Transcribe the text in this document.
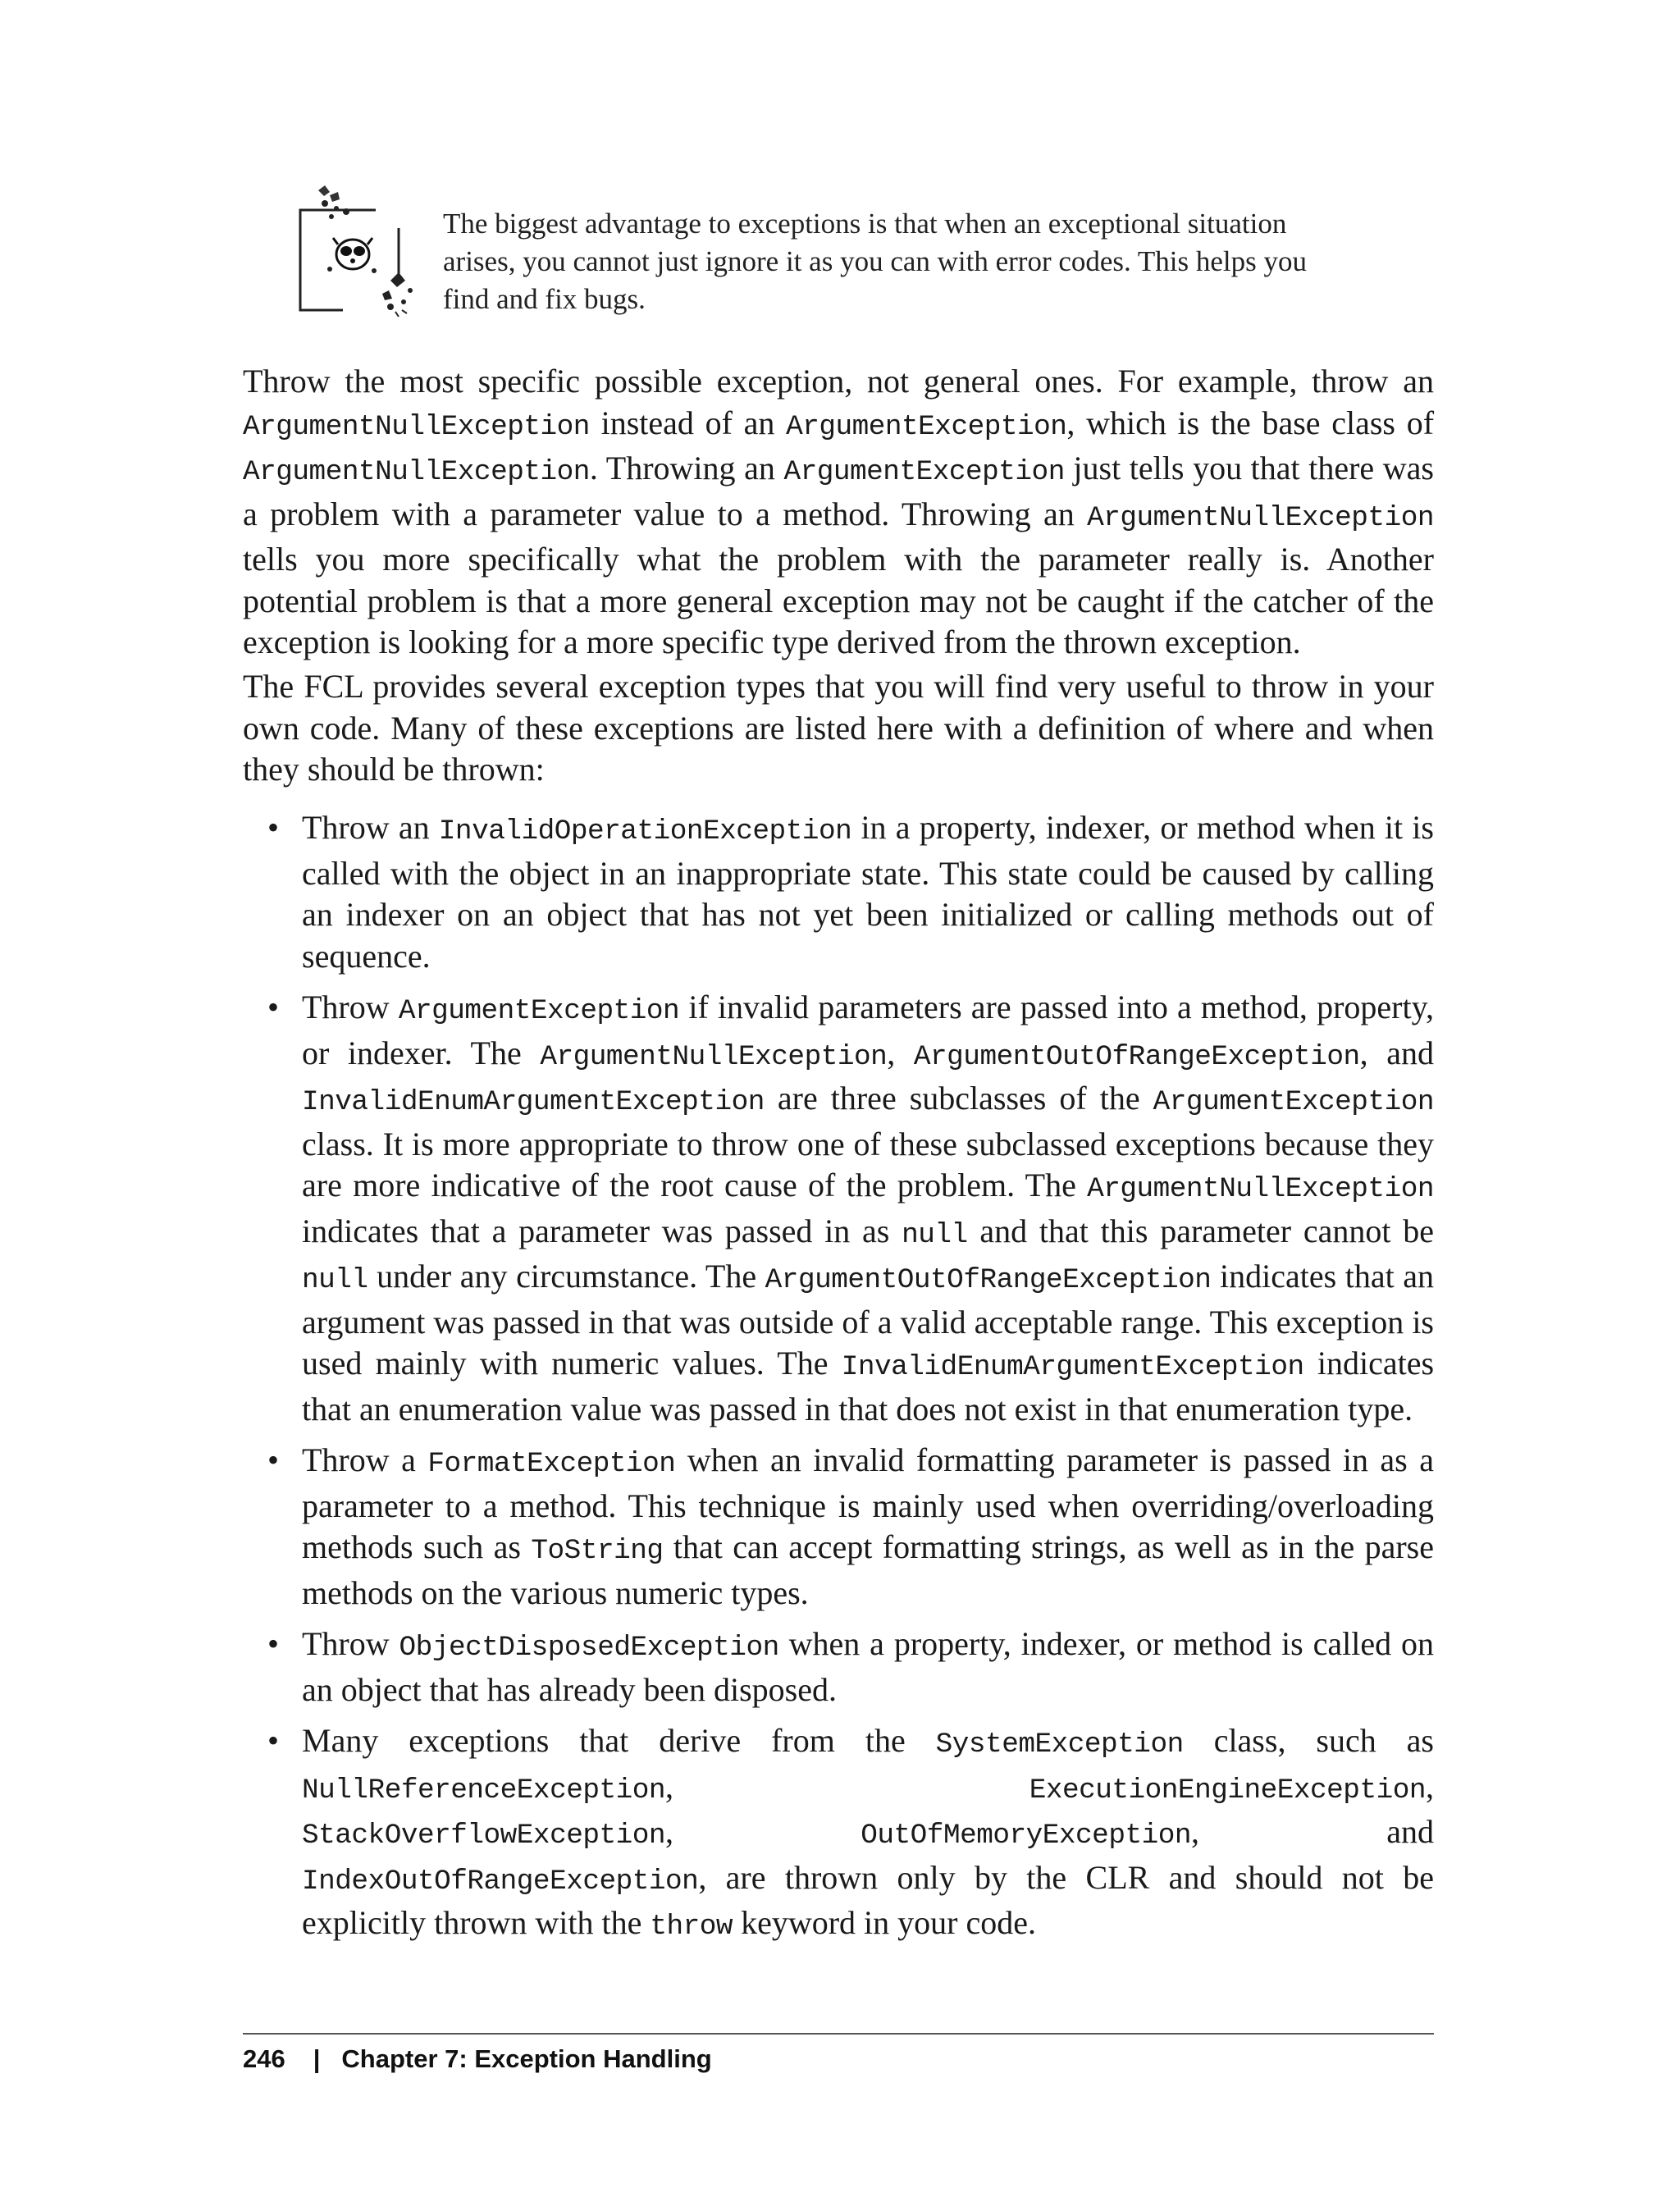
The biggest advantage to exceptions is that when an exceptional situation arises, you cannot just ignore it as you can with error codes. This helps you find and fix bugs.

Throw the most specific possible exception, not general ones. For example, throw an ArgumentNullException instead of an ArgumentException, which is the base class of ArgumentNullException. Throwing an ArgumentException just tells you that there was a problem with a parameter value to a method. Throwing an ArgumentNullException tells you more specifically what the problem with the parameter really is. Another potential problem is that a more general exception may not be caught if the catcher of the exception is looking for a more specific type derived from the thrown exception.

The FCL provides several exception types that you will find very useful to throw in your own code. Many of these exceptions are listed here with a definition of where and when they should be thrown:

• Throw an InvalidOperationException in a property, indexer, or method when it is called with the object in an inappropriate state. This state could be caused by calling an indexer on an object that has not yet been initialized or calling methods out of sequence.
• Throw ArgumentException if invalid parameters are passed into a method, property, or indexer. The ArgumentNullException, ArgumentOutOfRangeException, and InvalidEnumArgumentException are three subclasses of the ArgumentException class. It is more appropriate to throw one of these subclassed exceptions because they are more indicative of the root cause of the problem. The ArgumentNullException indicates that a parameter was passed in as null and that this parameter cannot be null under any circumstance. The ArgumentOutOfRangeException indicates that an argument was passed in that was outside of a valid acceptable range. This exception is used mainly with numeric values. The InvalidEnumArgumentException indicates that an enumeration value was passed in that does not exist in that enumeration type.
• Throw a FormatException when an invalid formatting parameter is passed in as a parameter to a method. This technique is mainly used when overriding/overloading methods such as ToString that can accept formatting strings, as well as in the parse methods on the various numeric types.
• Throw ObjectDisposedException when a property, indexer, or method is called on an object that has already been disposed.
• Many exceptions that derive from the SystemException class, such as NullReferenceException, ExecutionEngineException, StackOverflowException, OutOfMemoryException, and IndexOutOfRangeException, are thrown only by the CLR and should not be explicitly thrown with the throw keyword in your code.
246 | Chapter 7: Exception Handling
